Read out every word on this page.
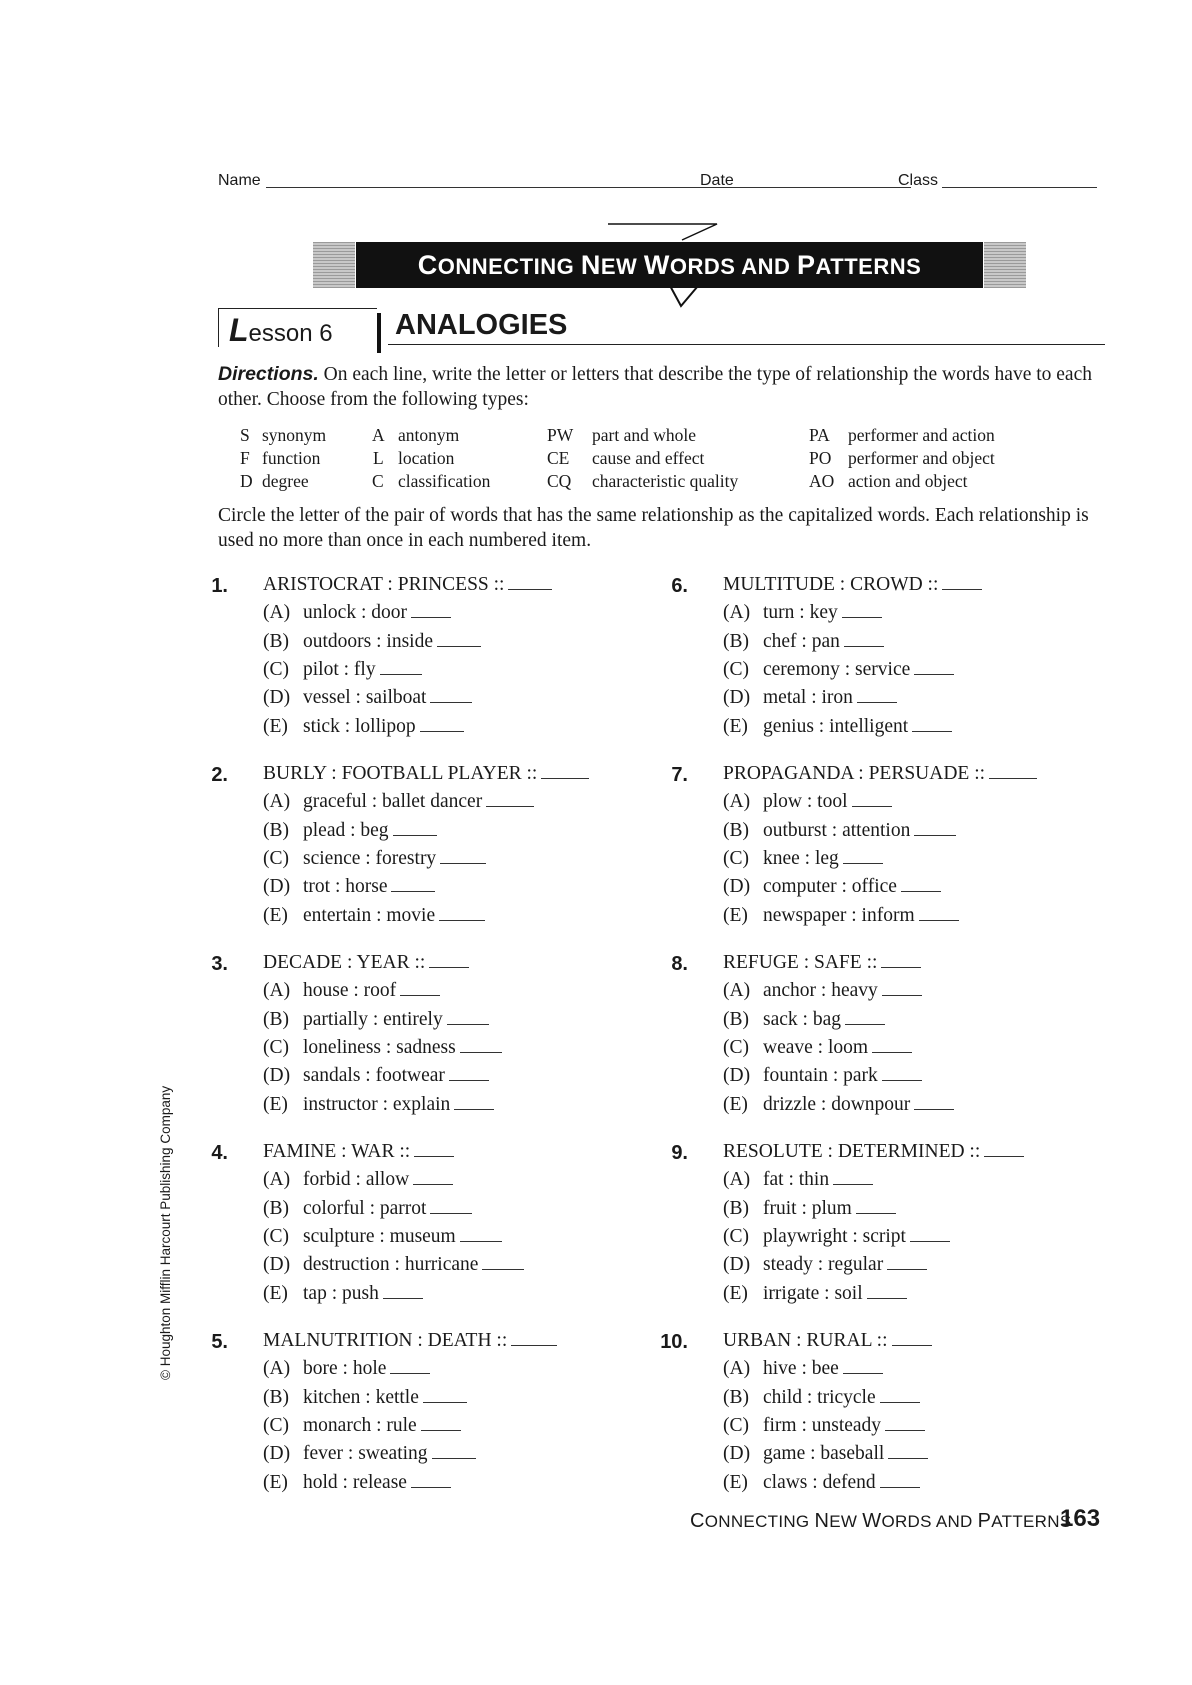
Name	Date	Class
CONNECTING NEW WORDS AND PATTERNS
Lesson 6 ANALOGIES
Directions. On each line, write the letter or letters that describe the type of relationship the words have to each other. Choose from the following types:
S synonym	A antonym	PW part and whole	PA performer and action
F function	L location	CE cause and effect	PO performer and object
D degree	C classification	CQ characteristic quality	AO action and object
Circle the letter of the pair of words that has the same relationship as the capitalized words. Each relationship is used no more than once in each numbered item.
1. ARISTOCRAT : PRINCESS ::
(A) unlock : door
(B) outdoors : inside
(C) pilot : fly
(D) vessel : sailboat
(E) stick : lollipop
2. BURLY : FOOTBALL PLAYER ::
(A) graceful : ballet dancer
(B) plead : beg
(C) science : forestry
(D) trot : horse
(E) entertain : movie
3. DECADE : YEAR ::
(A) house : roof
(B) partially : entirely
(C) loneliness : sadness
(D) sandals : footwear
(E) instructor : explain
4. FAMINE : WAR ::
(A) forbid : allow
(B) colorful : parrot
(C) sculpture : museum
(D) destruction : hurricane
(E) tap : push
5. MALNUTRITION : DEATH ::
(A) bore : hole
(B) kitchen : kettle
(C) monarch : rule
(D) fever : sweating
(E) hold : release
6. MULTITUDE : CROWD ::
(A) turn : key
(B) chef : pan
(C) ceremony : service
(D) metal : iron
(E) genius : intelligent
7. PROPAGANDA : PERSUADE ::
(A) plow : tool
(B) outburst : attention
(C) knee : leg
(D) computer : office
(E) newspaper : inform
8. REFUGE : SAFE ::
(A) anchor : heavy
(B) sack : bag
(C) weave : loom
(D) fountain : park
(E) drizzle : downpour
9. RESOLUTE : DETERMINED ::
(A) fat : thin
(B) fruit : plum
(C) playwright : script
(D) steady : regular
(E) irrigate : soil
10. URBAN : RURAL ::
(A) hive : bee
(B) child : tricycle
(C) firm : unsteady
(D) game : baseball
(E) claws : defend
CONNECTING NEW WORDS AND PATTERNS
163
© Houghton Mifflin Harcourt Publishing Company
